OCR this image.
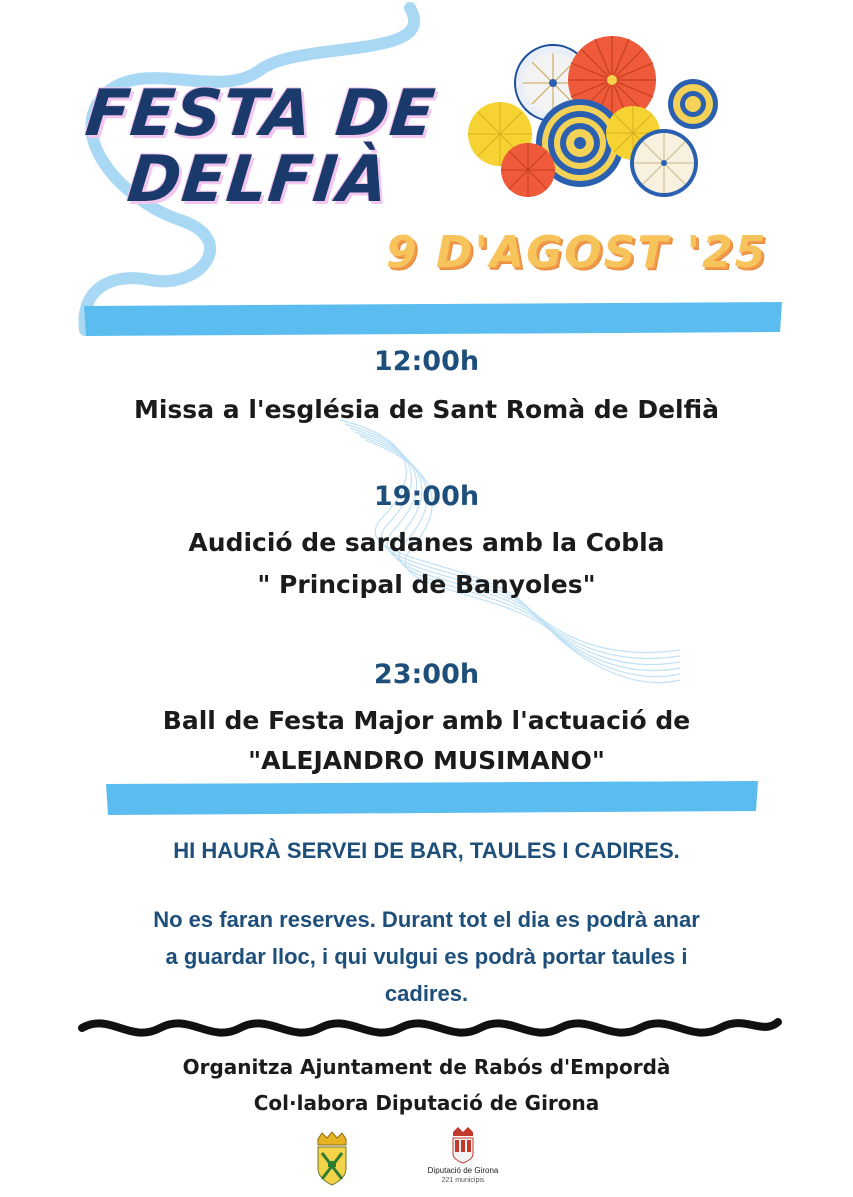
FESTA DE
DELFIÀ
9 D'AGOST '25
12:00h
Missa a l'església de Sant Romà de Delfià
19:00h
Audició de sardanes amb la Cobla
" Principal de Banyoles"
23:00h
Ball de Festa Major amb l'actuació de
"ALEJANDRO MUSIMANO"
HI HAURÀ SERVEI DE BAR, TAULES I CADIRES.
No es faran reserves. Durant tot el dia es podrà anar
a guardar lloc, i qui vulgui es podrà portar taules i
cadires.
Organitza Ajuntament de Rabós d'Empordà
Col·labora Diputació de Girona
Diputació de Girona
221 municipis
